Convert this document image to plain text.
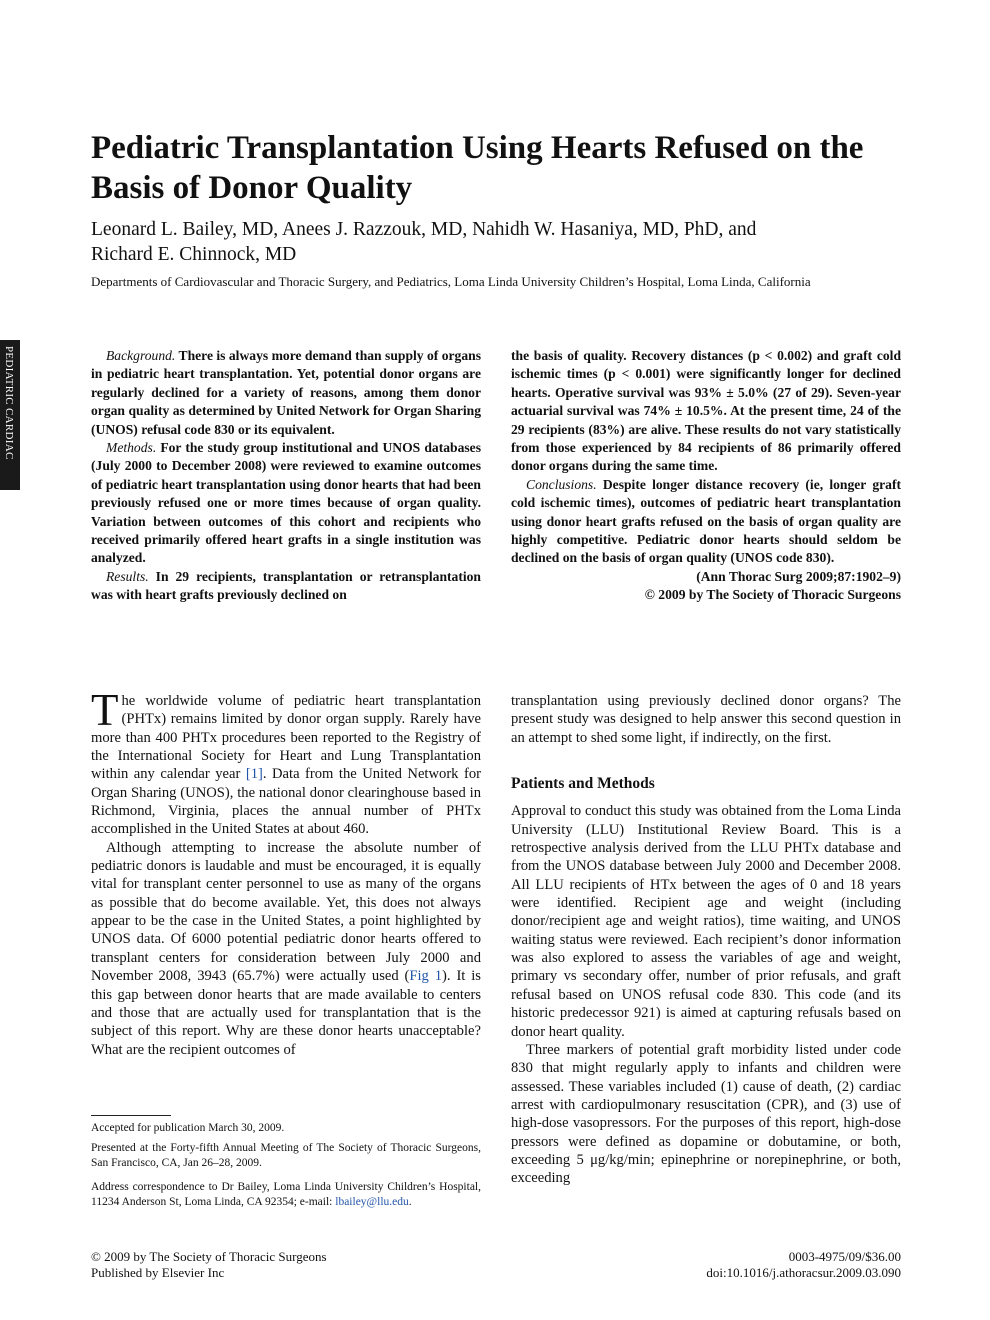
PEDIATRIC CARDIAC
Pediatric Transplantation Using Hearts Refused on the Basis of Donor Quality
Leonard L. Bailey, MD, Anees J. Razzouk, MD, Nahidh W. Hasaniya, MD, PhD, and
Richard E. Chinnock, MD

Departments of Cardiovascular and Thoracic Surgery, and Pediatrics, Loma Linda University Children’s Hospital, Loma Linda, California

Background. There is always more demand than supply of organs in pediatric heart transplantation. Yet, potential donor organs are regularly declined for a variety of reasons, among them donor organ quality as determined by United Network for Organ Sharing (UNOS) refusal code 830 or its equivalent.

Methods. For the study group institutional and UNOS databases (July 2000 to December 2008) were reviewed to examine outcomes of pediatric heart transplantation using donor hearts that had been previously refused one or more times because of organ quality. Variation between outcomes of this cohort and recipients who received primarily offered heart grafts in a single institution was analyzed.

Results. In 29 recipients, transplantation or retransplantation was with heart grafts previously declined on

the basis of quality. Recovery distances (p < 0.002) and graft cold ischemic times (p < 0.001) were significantly longer for declined hearts. Operative survival was 93% ± 5.0% (27 of 29). Seven-year actuarial survival was 74% ± 10.5%. At the present time, 24 of the 29 recipients (83%) are alive. These results do not vary statistically from those experienced by 84 recipients of 86 primarily offered donor organs during the same time.

Conclusions. Despite longer distance recovery (ie, longer graft cold ischemic times), outcomes of pediatric heart transplantation using donor heart grafts refused on the basis of organ quality are highly competitive. Pediatric donor hearts should seldom be declined on the basis of organ quality (UNOS code 830).

(Ann Thorac Surg 2009;87:1902–9)

© 2009 by The Society of Thoracic Surgeons

The worldwide volume of pediatric heart transplantation (PHTx) remains limited by donor organ supply. Rarely have more than 400 PHTx procedures been reported to the Registry of the International Society for Heart and Lung Transplantation within any calendar year [1]. Data from the United Network for Organ Sharing (UNOS), the national donor clearinghouse based in Richmond, Virginia, places the annual number of PHTx accomplished in the United States at about 460.

Although attempting to increase the absolute number of pediatric donors is laudable and must be encouraged, it is equally vital for transplant center personnel to use as many of the organs as possible that do become available. Yet, this does not always appear to be the case in the United States, a point highlighted by UNOS data. Of 6000 potential pediatric donor hearts offered to transplant centers for consideration between July 2000 and November 2008, 3943 (65.7%) were actually used (Fig 1). It is this gap between donor hearts that are made available to centers and those that are actually used for transplantation that is the subject of this report. Why are these donor hearts unacceptable? What are the recipient outcomes of

transplantation using previously declined donor organs? The present study was designed to help answer this second question in an attempt to shed some light, if indirectly, on the first.

Patients and Methods

Approval to conduct this study was obtained from the Loma Linda University (LLU) Institutional Review Board. This is a retrospective analysis derived from the LLU PHTx database and from the UNOS database between July 2000 and December 2008. All LLU recipients of HTx between the ages of 0 and 18 years were identified. Recipient age and weight (including donor/recipient age and weight ratios), time waiting, and UNOS waiting status were reviewed. Each recipient’s donor information was also explored to assess the variables of age and weight, primary vs secondary offer, number of prior refusals, and graft refusal based on UNOS refusal code 830. This code (and its historic predecessor 921) is aimed at capturing refusals based on donor heart quality.

Three markers of potential graft morbidity listed under code 830 that might regularly apply to infants and children were assessed. These variables included (1) cause of death, (2) cardiac arrest with cardiopulmonary resuscitation (CPR), and (3) use of high-dose vasopressors. For the purposes of this report, high-dose pressors were defined as dopamine or dobutamine, or both, exceeding 5 μg/kg/min; epinephrine or norepinephrine, or both, exceeding

Accepted for publication March 30, 2009.

Presented at the Forty-fifth Annual Meeting of The Society of Thoracic Surgeons, San Francisco, CA, Jan 26–28, 2009.

Address correspondence to Dr Bailey, Loma Linda University Children’s Hospital, 11234 Anderson St, Loma Linda, CA 92354; e-mail: lbailey@llu.edu.

© 2009 by The Society of Thoracic Surgeons
Published by Elsevier Inc
0003-4975/09/$36.00
doi:10.1016/j.athoracsur.2009.03.090
